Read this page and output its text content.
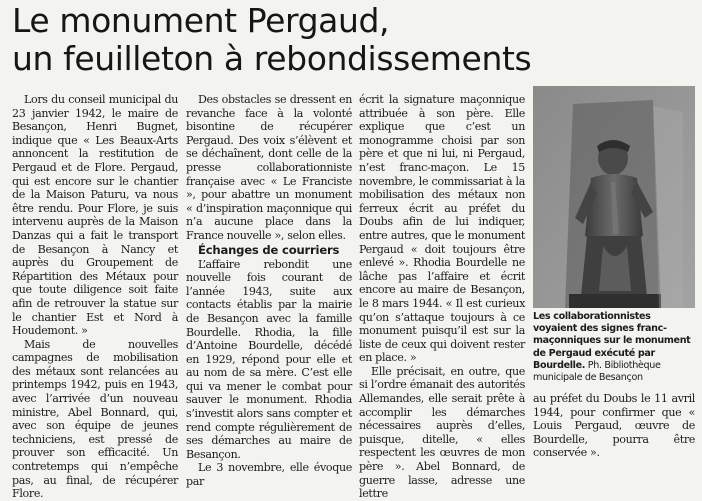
Le monument Pergaud,
un feuilleton à rebondissements

Lors du conseil municipal du 23 janvier 1942, le maire de Besançon, Henri Bugnet, indique que « Les Beaux-Arts annoncent la restitution de Pergaud et de Flore. Pergaud, qui est encore sur le chantier de la Maison Paturu, va nous être rendu. Pour Flore, je suis intervenu auprès de la Maison Danzas qui a fait le transport de Besançon à Nancy et auprès du Groupement de Répartition des Métaux pour que toute diligence soit faite afin de retrouver la statue sur le chantier Est et Nord à Houdemont. »

Mais de nouvelles campagnes de mobilisation des métaux sont relancées au printemps 1942, puis en 1943, avec l’arrivée d’un nouveau ministre, Abel Bonnard, qui, avec son équipe de jeunes techniciens, est pressé de prouver son efficacité. Un contretemps qui n’empêche pas, au final, de récupérer Flore.

Des obstacles se dressent en revanche face à la volonté bisontine de récupérer Pergaud. Des voix s’élèvent et se déchaînent, dont celle de la presse collaborationniste française avec « Le Franciste », pour abattre un monument « d’inspiration maçonnique qui n’a aucune place dans la France nouvelle », selon elles.

Échanges de courriers

L’affaire rebondit une nouvelle fois courant de l’année 1943, suite aux contacts établis par la mairie de Besançon avec la famille Bourdelle. Rhodia, la fille d’Antoine Bourdelle, décédé en 1929, répond pour elle et au nom de sa mère. C’est elle qui va mener le combat pour sauver le monument. Rhodia s’investit alors sans compter et rend compte régulièrement de ses démarches au maire de Besançon.

Le 3 novembre, elle évoque par

écrit la signature maçonnique attribuée à son père. Elle explique que c’est un monogramme choisi par son père et que ni lui, ni Pergaud, n’est franc-maçon. Le 15 novembre, le commissariat à la mobilisation des métaux non ferreux écrit au préfet du Doubs afin de lui indiquer, entre autres, que le monument Pergaud « doit toujours être enlevé ». Rhodia Bourdelle ne lâche pas l’affaire et écrit encore au maire de Besançon, le 8 mars 1944. « Il est curieux qu’on s’attaque toujours à ce monument puisqu’il est sur la liste de ceux qui doivent rester en place. »

Elle précisait, en outre, que si l’ordre émanait des autorités Allemandes, elle serait prête à accomplir les démarches nécessaires auprès d’elles, puisque, ditelle, « elles respectent les œuvres de mon père ». Abel Bonnard, de guerre lasse, adresse une lettre

Les collaborationnistes voyaient des signes franc-maçonniques sur le monument de Pergaud exécuté par Bourdelle. Ph. Bibliothèque municipale de Besançon

au préfet du Doubs le 11 avril 1944, pour confirmer que « Louis Pergaud, œuvre de Bourdelle, pourra être conservée ».
